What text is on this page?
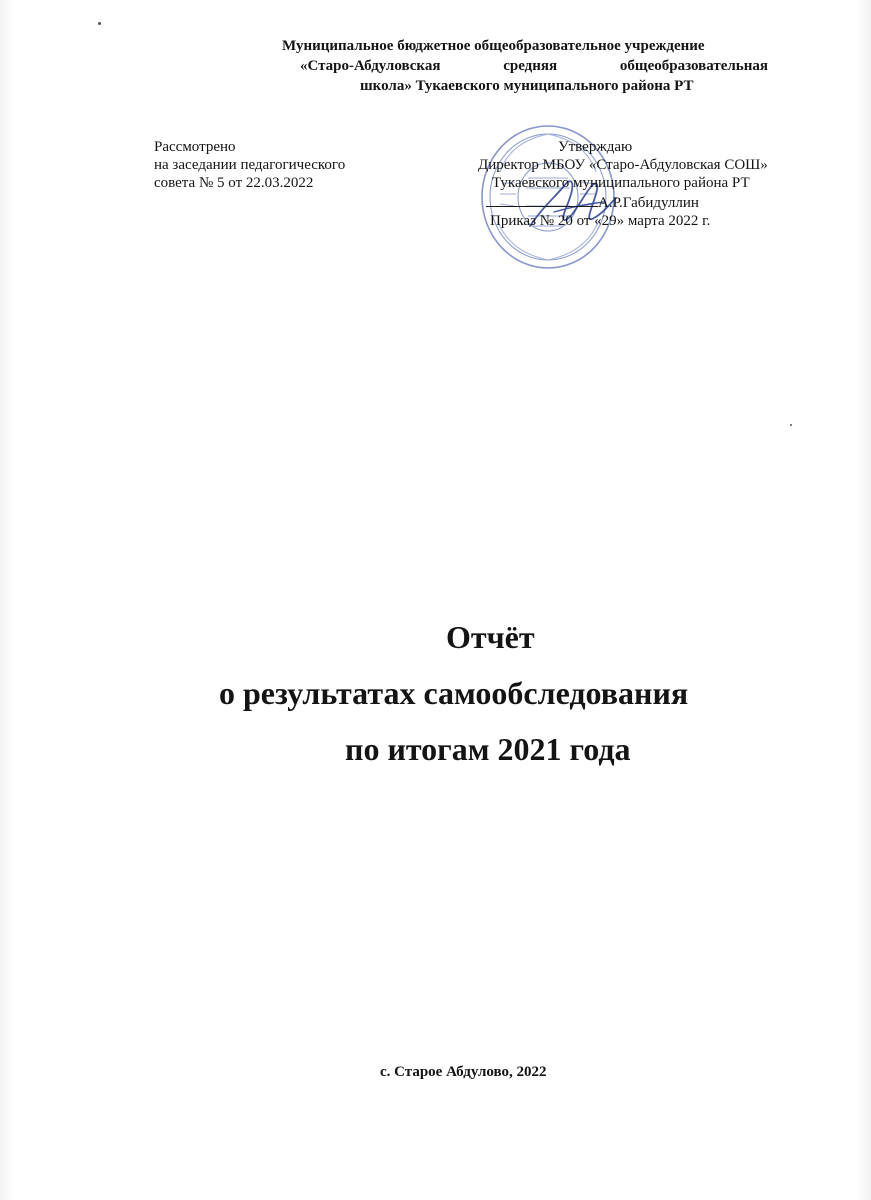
Муниципальное бюджетное общеобразовательное учреждение
«Старо-Абдуловская	средняя	общеобразовательная
школа» Тукаевского муниципального района РТ
Рассмотрено
на заседании педагогического
совета № 5 от 22.03.2022
Утверждаю
Директор МБОУ «Старо-Абдуловская СОШ»
Тукаевского муниципального района РТ
А.Р.Габидуллин
Приказ № 20 от «29» марта 2022 г.
Отчёт
о результатах самообследования
по итогам 2021 года
с. Старое Абдулово, 2022
